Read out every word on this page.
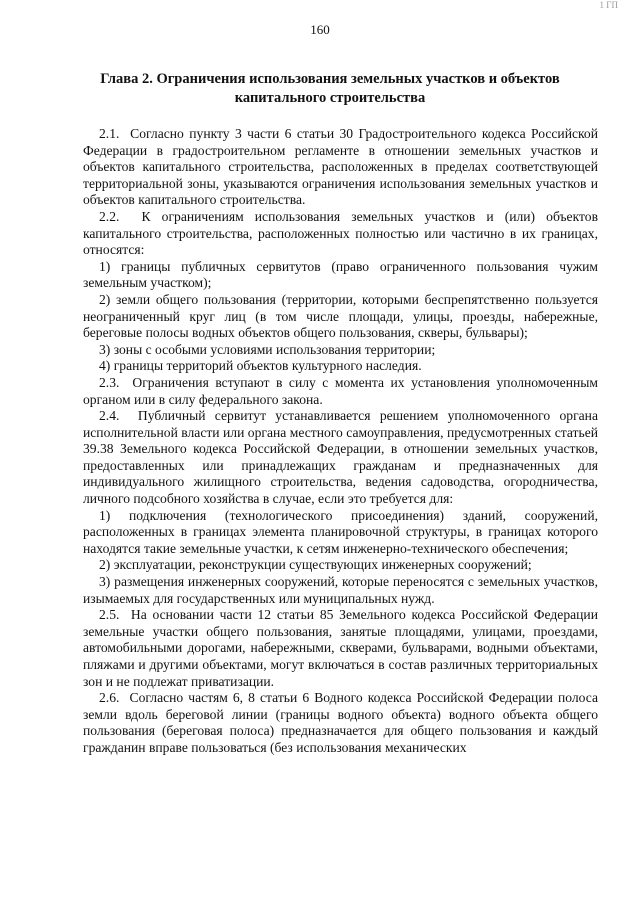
1 ГП
160
Глава 2. Ограничения использования земельных участков и объектов
капитального строительства

2.1.  Согласно пункту 3 части 6 статьи 30 Градостроительного кодекса Российской Федерации в градостроительном регламенте в отношении земельных участков и объектов капитального строительства, расположенных в пределах соответствующей территориальной зоны, указываются ограничения использования земельных участков и объектов капитального строительства.

2.2.  К ограничениям использования земельных участков и (или) объектов капитального строительства, расположенных полностью или частично в их границах, относятся:

1) границы публичных сервитутов (право ограниченного пользования чужим земельным участком);

2) земли общего пользования (территории, которыми беспрепятственно пользуется неограниченный круг лиц (в том числе площади, улицы, проезды, набережные, береговые полосы водных объектов общего пользования, скверы, бульвары);

3) зоны с особыми условиями использования территории;

4) границы территорий объектов культурного наследия.

2.3.  Ограничения вступают в силу с момента их установления уполномоченным органом или в силу федерального закона.

2.4.  Публичный сервитут устанавливается решением уполномоченного органа исполнительной власти или органа местного самоуправления, предусмотренных статьей 39.38 Земельного кодекса Российской Федерации, в отношении земельных участков, предоставленных или принадлежащих гражданам и предназначенных для индивидуального жилищного строительства, ведения садоводства, огородничества, личного подсобного хозяйства в случае, если это требуется для:

1) подключения (технологического присоединения) зданий, сооружений, расположенных в границах элемента планировочной структуры, в границах которого находятся такие земельные участки, к сетям инженерно-технического обеспечения;

2) эксплуатации, реконструкции существующих инженерных сооружений;

3) размещения инженерных сооружений, которые переносятся с земельных участков, изымаемых для государственных или муниципальных нужд.

2.5.  На основании части 12 статьи 85 Земельного кодекса Российской Федерации земельные участки общего пользования, занятые площадями, улицами, проездами, автомобильными дорогами, набережными, скверами, бульварами, водными объектами, пляжами и другими объектами, могут включаться в состав различных территориальных зон и не подлежат приватизации.

2.6.  Согласно частям 6, 8 статьи 6 Водного кодекса Российской Федерации полоса земли вдоль береговой линии (границы водного объекта) водного объекта общего пользования (береговая полоса) предназначается для общего пользования и каждый гражданин вправе пользоваться (без использования механических
